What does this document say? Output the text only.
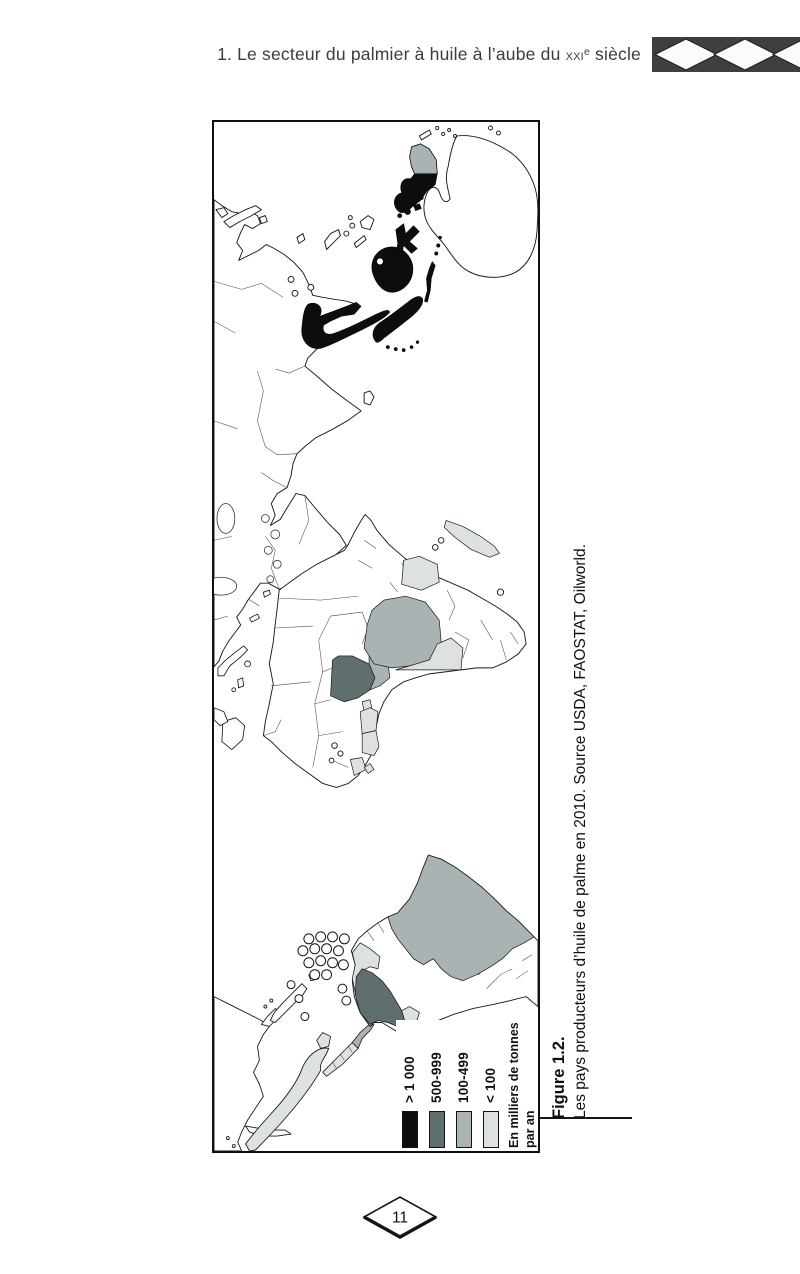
1. Le secteur du palmier à huile à l’aube du xxi$^e$ siècle
> 1 000 500-999 100-499 < 100 En milliers de tonnes par an
Figure 1.2. Les pays producteurs d’huile de palme en 2010. Source USDA, FAOSTAT, Oilworld.
11
